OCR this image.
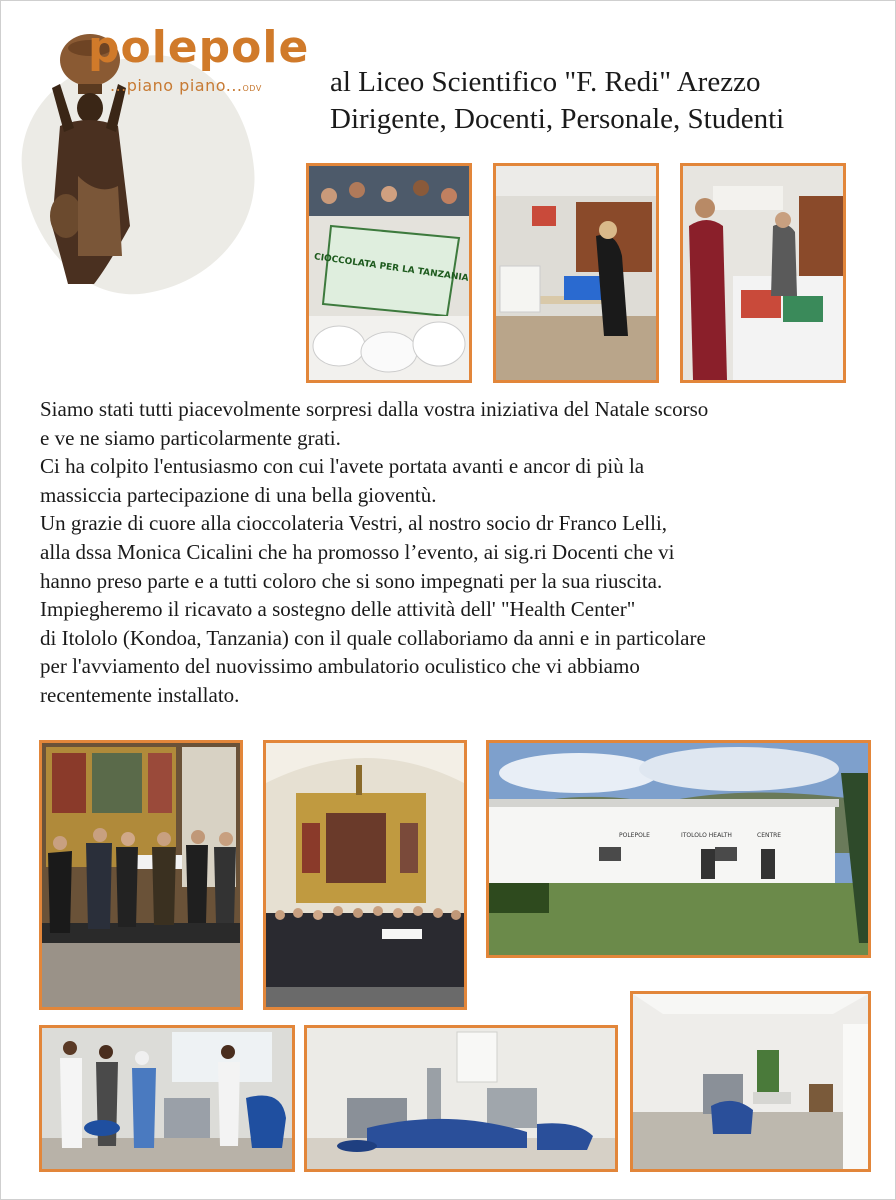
polepole
...piano piano...ODV al Liceo Scientifico "F. Redi" Arezzo
Dirigente, Docenti, Personale, Studenti
CIOCCOLATA PER LA TANZANIA
Siamo stati tutti piacevolmente sorpresi dalla vostra iniziativa del Natale scorso
e ve ne siamo particolarmente grati.
Ci ha colpito l'entusiasmo con cui l'avete portata avanti e ancor di più la
massiccia partecipazione di una bella gioventù.
Un grazie di cuore alla cioccolateria Vestri, al nostro socio dr Franco Lelli,
alla dssa Monica Cicalini che ha promosso l’evento, ai sig.ri Docenti che vi
hanno preso parte e a tutti coloro che si sono impegnati per la sua riuscita.
Impiegheremo il ricavato a sostegno delle attività dell' "Health Center"
di Itololo (Kondoa, Tanzania) con il quale collaboriamo da anni e in particolare
per l'avviamento del nuovissimo ambulatorio oculistico che vi abbiamo
recentemente installato.
POLEPOLE	ITOLOLO HEALTH	CENTRE
